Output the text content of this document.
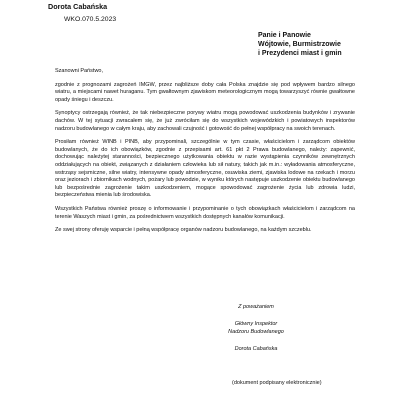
Dorota Cabańska
WKO.070.5.2023
Panie i Panowie
Wójtowie, Burmistrzowie
i Prezydenci miast i gmin

Szanowni Państwo,

zgodnie z prognozami zagrożeń IMGW, przez najbliższe doby cała Polska znajdzie się pod wpływem bardzo silnego wiatru, a miejscami nawet huraganu. Tym gwałtownym zjawiskom meteorologicznym mogą towarzyszyć równie gwałtowne opady śniegu i deszczu.

Synoptycy ostrzegają również, że tak niebezpieczne porywy wiatru mogą powodować uszkodzenia budynków i zrywanie dachów. W tej sytuacji zwracałem się, że już zwróciłam się do wszystkich wojewódzkich i powiatowych inspektorów nadzoru budowlanego w całym kraju, aby zachowali czujność i gotowość do pełnej współpracy na swoich terenach.

Prosiłam również WINB i PINB, aby przypominali, szczególnie w tym czasie, właścicielom i zarządcom obiektów budowlanych, że do ich obowiązków, zgodnie z przepisami art. 61 pkt 2 Prawa budowlanego, należy: zapewnić, dochowując należytej staranności, bezpiecznego użytkowania obiektu w razie wystąpienia czynników zewnętrznych oddziałujących na obiekt, związanych z działaniem człowieka lub sił natury, takich jak m.in.: wyładowania atmosferyczne, wstrząsy sejsmiczne, silne wiatry, intensywne opady atmosferyczne, osuwiska ziemi, zjawiska lodowe na rzekach i morzu oraz jeziorach i zbiornikach wodnych, pożary lub powodzie, w wyniku których następuje uszkodzenie obiektu budowlanego lub bezpośrednie zagrożenie takim uszkodzeniem, mogące spowodować zagrożenie życia lub zdrowia ludzi, bezpieczeństwa mienia lub środowiska.

Wszystkich Państwa również proszę o informowanie i przypominanie o tych obowiązkach właścicielom i zarządcom na terenie Waszych miast i gmin, za pośrednictwem wszystkich dostępnych kanałów komunikacji.

Ze swej strony oferuję wsparcie i pełną współpracę organów nadzoru budowlanego, na każdym szczeblu.

Z poważaniem
Główny Inspektor
Nadzoru Budowlanego
Dorota Cabańska
(dokument podpisany elektronicznie)
